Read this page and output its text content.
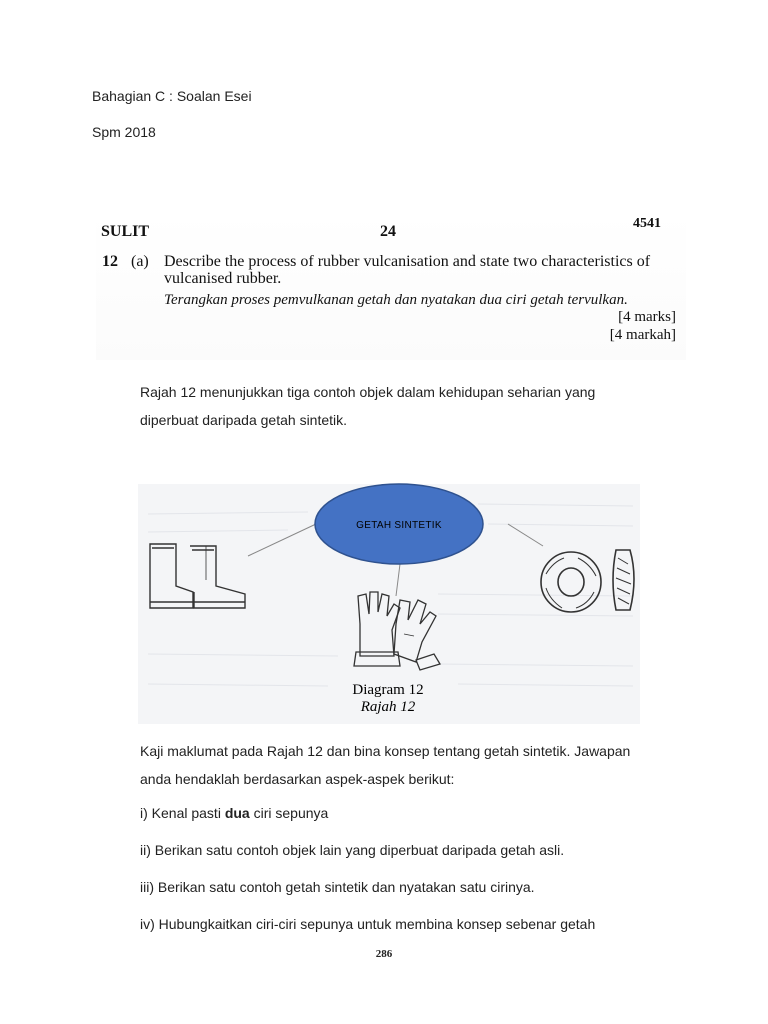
Bahagian C : Soalan Esei
Spm 2018
SULIT	24	4541
12 (a) Describe the process of rubber vulcanisation and state two characteristics of
vulcanised rubber.
Terangkan proses pemvulkanan getah dan nyatakan dua ciri getah tervulkan.
[4 marks]
[4 markah]
Rajah 12 menunjukkan tiga contoh objek dalam kehidupan seharian yang
diperbuat daripada getah sintetik.
GETAH SINTETIK
Diagram 12
Rajah 12
Kaji maklumat pada Rajah 12 dan bina konsep tentang getah sintetik. Jawapan
anda hendaklah berdasarkan aspek-aspek berikut:
i) Kenal pasti dua ciri sepunya
ii) Berikan satu contoh objek lain yang diperbuat daripada getah asli.
iii) Berikan satu contoh getah sintetik dan nyatakan satu cirinya.
iv) Hubungkaitkan ciri-ciri sepunya untuk membina konsep sebenar getah
286
